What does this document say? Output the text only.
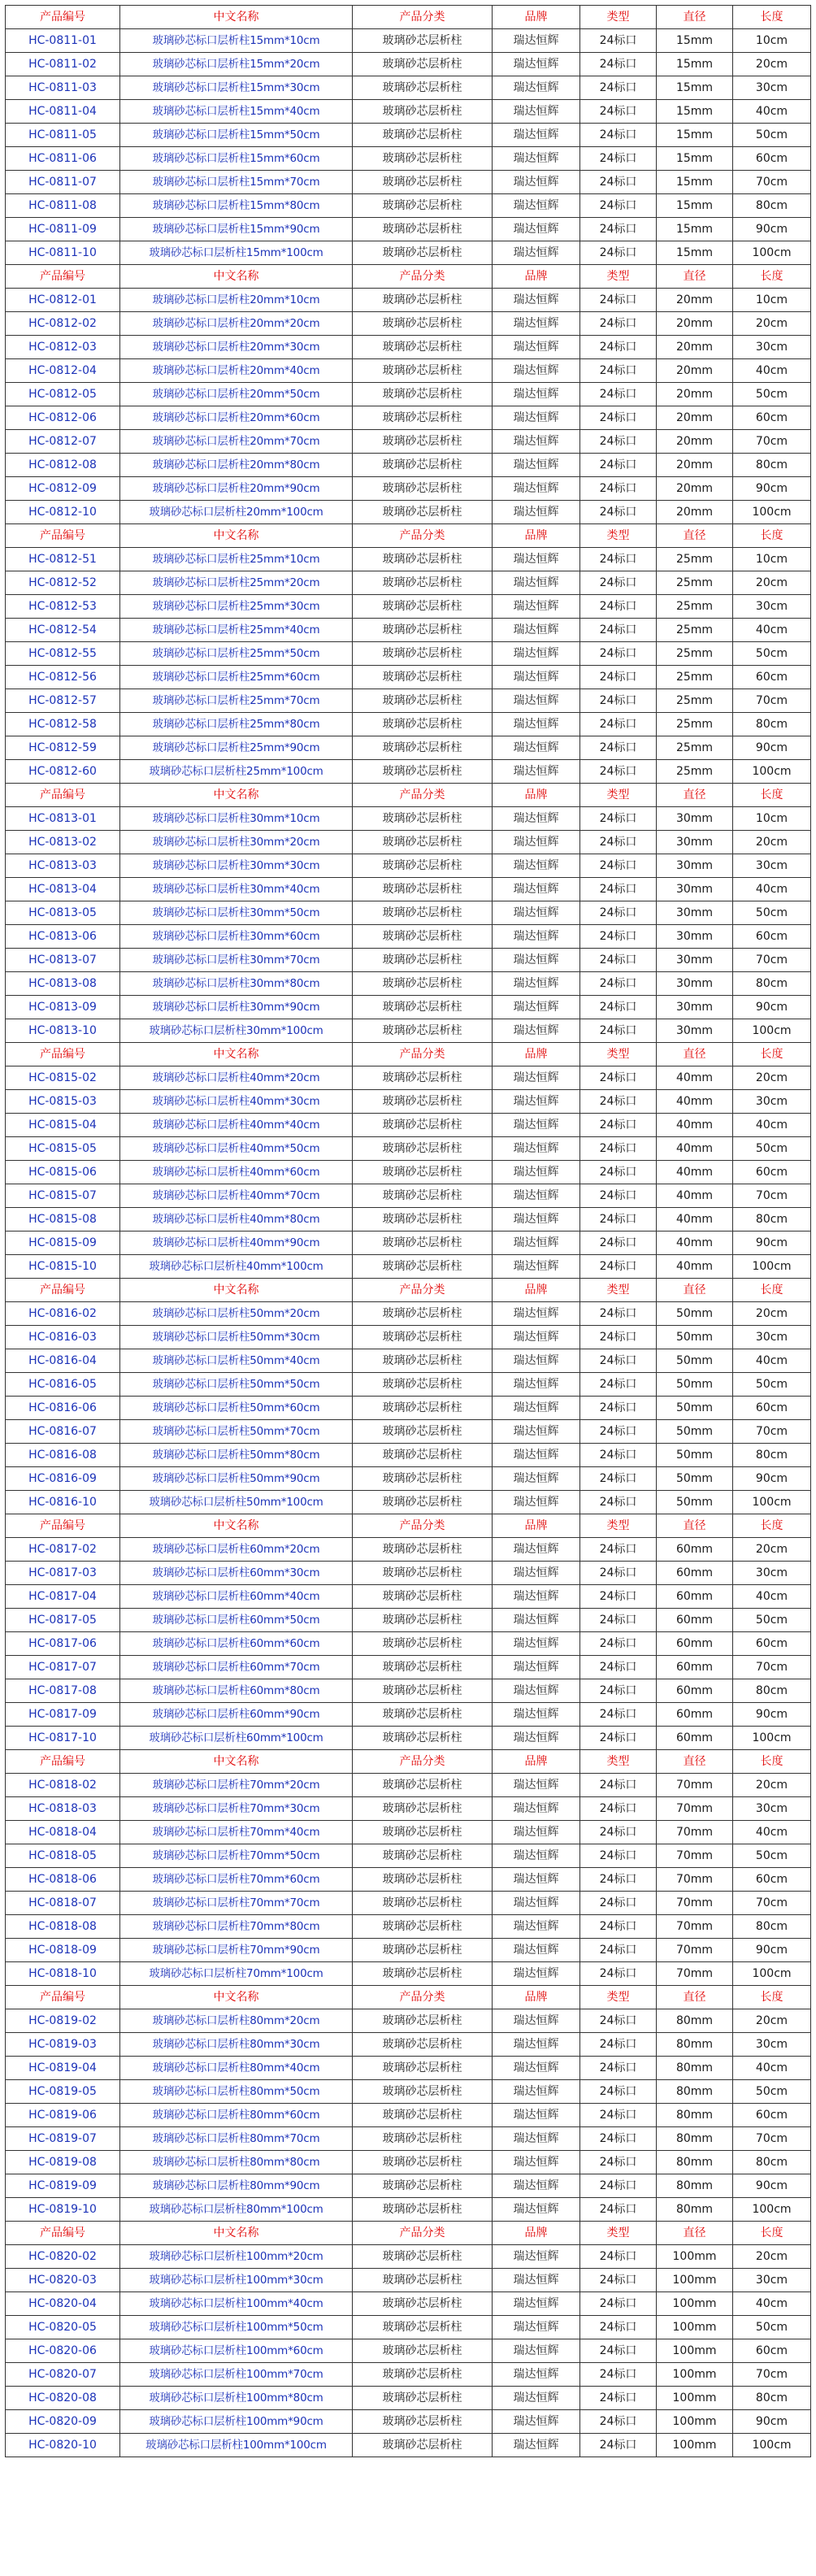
产品编号	中文名称	产品分类	品牌	类型	直径	长度
HC-0811-01	玻璃砂芯标口层析柱15mm*10cm	玻璃砂芯层析柱	瑞达恒辉	24标口	15mm	10cm
HC-0811-02	玻璃砂芯标口层析柱15mm*20cm	玻璃砂芯层析柱	瑞达恒辉	24标口	15mm	20cm
HC-0811-03	玻璃砂芯标口层析柱15mm*30cm	玻璃砂芯层析柱	瑞达恒辉	24标口	15mm	30cm
HC-0811-04	玻璃砂芯标口层析柱15mm*40cm	玻璃砂芯层析柱	瑞达恒辉	24标口	15mm	40cm
HC-0811-05	玻璃砂芯标口层析柱15mm*50cm	玻璃砂芯层析柱	瑞达恒辉	24标口	15mm	50cm
HC-0811-06	玻璃砂芯标口层析柱15mm*60cm	玻璃砂芯层析柱	瑞达恒辉	24标口	15mm	60cm
HC-0811-07	玻璃砂芯标口层析柱15mm*70cm	玻璃砂芯层析柱	瑞达恒辉	24标口	15mm	70cm
HC-0811-08	玻璃砂芯标口层析柱15mm*80cm	玻璃砂芯层析柱	瑞达恒辉	24标口	15mm	80cm
HC-0811-09	玻璃砂芯标口层析柱15mm*90cm	玻璃砂芯层析柱	瑞达恒辉	24标口	15mm	90cm
HC-0811-10	玻璃砂芯标口层析柱15mm*100cm	玻璃砂芯层析柱	瑞达恒辉	24标口	15mm	100cm
产品编号	中文名称	产品分类	品牌	类型	直径	长度
HC-0812-01	玻璃砂芯标口层析柱20mm*10cm	玻璃砂芯层析柱	瑞达恒辉	24标口	20mm	10cm
HC-0812-02	玻璃砂芯标口层析柱20mm*20cm	玻璃砂芯层析柱	瑞达恒辉	24标口	20mm	20cm
HC-0812-03	玻璃砂芯标口层析柱20mm*30cm	玻璃砂芯层析柱	瑞达恒辉	24标口	20mm	30cm
HC-0812-04	玻璃砂芯标口层析柱20mm*40cm	玻璃砂芯层析柱	瑞达恒辉	24标口	20mm	40cm
HC-0812-05	玻璃砂芯标口层析柱20mm*50cm	玻璃砂芯层析柱	瑞达恒辉	24标口	20mm	50cm
HC-0812-06	玻璃砂芯标口层析柱20mm*60cm	玻璃砂芯层析柱	瑞达恒辉	24标口	20mm	60cm
HC-0812-07	玻璃砂芯标口层析柱20mm*70cm	玻璃砂芯层析柱	瑞达恒辉	24标口	20mm	70cm
HC-0812-08	玻璃砂芯标口层析柱20mm*80cm	玻璃砂芯层析柱	瑞达恒辉	24标口	20mm	80cm
HC-0812-09	玻璃砂芯标口层析柱20mm*90cm	玻璃砂芯层析柱	瑞达恒辉	24标口	20mm	90cm
HC-0812-10	玻璃砂芯标口层析柱20mm*100cm	玻璃砂芯层析柱	瑞达恒辉	24标口	20mm	100cm
产品编号	中文名称	产品分类	品牌	类型	直径	长度
HC-0812-51	玻璃砂芯标口层析柱25mm*10cm	玻璃砂芯层析柱	瑞达恒辉	24标口	25mm	10cm
HC-0812-52	玻璃砂芯标口层析柱25mm*20cm	玻璃砂芯层析柱	瑞达恒辉	24标口	25mm	20cm
HC-0812-53	玻璃砂芯标口层析柱25mm*30cm	玻璃砂芯层析柱	瑞达恒辉	24标口	25mm	30cm
HC-0812-54	玻璃砂芯标口层析柱25mm*40cm	玻璃砂芯层析柱	瑞达恒辉	24标口	25mm	40cm
HC-0812-55	玻璃砂芯标口层析柱25mm*50cm	玻璃砂芯层析柱	瑞达恒辉	24标口	25mm	50cm
HC-0812-56	玻璃砂芯标口层析柱25mm*60cm	玻璃砂芯层析柱	瑞达恒辉	24标口	25mm	60cm
HC-0812-57	玻璃砂芯标口层析柱25mm*70cm	玻璃砂芯层析柱	瑞达恒辉	24标口	25mm	70cm
HC-0812-58	玻璃砂芯标口层析柱25mm*80cm	玻璃砂芯层析柱	瑞达恒辉	24标口	25mm	80cm
HC-0812-59	玻璃砂芯标口层析柱25mm*90cm	玻璃砂芯层析柱	瑞达恒辉	24标口	25mm	90cm
HC-0812-60	玻璃砂芯标口层析柱25mm*100cm	玻璃砂芯层析柱	瑞达恒辉	24标口	25mm	100cm
产品编号	中文名称	产品分类	品牌	类型	直径	长度
HC-0813-01	玻璃砂芯标口层析柱30mm*10cm	玻璃砂芯层析柱	瑞达恒辉	24标口	30mm	10cm
HC-0813-02	玻璃砂芯标口层析柱30mm*20cm	玻璃砂芯层析柱	瑞达恒辉	24标口	30mm	20cm
HC-0813-03	玻璃砂芯标口层析柱30mm*30cm	玻璃砂芯层析柱	瑞达恒辉	24标口	30mm	30cm
HC-0813-04	玻璃砂芯标口层析柱30mm*40cm	玻璃砂芯层析柱	瑞达恒辉	24标口	30mm	40cm
HC-0813-05	玻璃砂芯标口层析柱30mm*50cm	玻璃砂芯层析柱	瑞达恒辉	24标口	30mm	50cm
HC-0813-06	玻璃砂芯标口层析柱30mm*60cm	玻璃砂芯层析柱	瑞达恒辉	24标口	30mm	60cm
HC-0813-07	玻璃砂芯标口层析柱30mm*70cm	玻璃砂芯层析柱	瑞达恒辉	24标口	30mm	70cm
HC-0813-08	玻璃砂芯标口层析柱30mm*80cm	玻璃砂芯层析柱	瑞达恒辉	24标口	30mm	80cm
HC-0813-09	玻璃砂芯标口层析柱30mm*90cm	玻璃砂芯层析柱	瑞达恒辉	24标口	30mm	90cm
HC-0813-10	玻璃砂芯标口层析柱30mm*100cm	玻璃砂芯层析柱	瑞达恒辉	24标口	30mm	100cm
产品编号	中文名称	产品分类	品牌	类型	直径	长度
HC-0815-02	玻璃砂芯标口层析柱40mm*20cm	玻璃砂芯层析柱	瑞达恒辉	24标口	40mm	20cm
HC-0815-03	玻璃砂芯标口层析柱40mm*30cm	玻璃砂芯层析柱	瑞达恒辉	24标口	40mm	30cm
HC-0815-04	玻璃砂芯标口层析柱40mm*40cm	玻璃砂芯层析柱	瑞达恒辉	24标口	40mm	40cm
HC-0815-05	玻璃砂芯标口层析柱40mm*50cm	玻璃砂芯层析柱	瑞达恒辉	24标口	40mm	50cm
HC-0815-06	玻璃砂芯标口层析柱40mm*60cm	玻璃砂芯层析柱	瑞达恒辉	24标口	40mm	60cm
HC-0815-07	玻璃砂芯标口层析柱40mm*70cm	玻璃砂芯层析柱	瑞达恒辉	24标口	40mm	70cm
HC-0815-08	玻璃砂芯标口层析柱40mm*80cm	玻璃砂芯层析柱	瑞达恒辉	24标口	40mm	80cm
HC-0815-09	玻璃砂芯标口层析柱40mm*90cm	玻璃砂芯层析柱	瑞达恒辉	24标口	40mm	90cm
HC-0815-10	玻璃砂芯标口层析柱40mm*100cm	玻璃砂芯层析柱	瑞达恒辉	24标口	40mm	100cm
产品编号	中文名称	产品分类	品牌	类型	直径	长度
HC-0816-02	玻璃砂芯标口层析柱50mm*20cm	玻璃砂芯层析柱	瑞达恒辉	24标口	50mm	20cm
HC-0816-03	玻璃砂芯标口层析柱50mm*30cm	玻璃砂芯层析柱	瑞达恒辉	24标口	50mm	30cm
HC-0816-04	玻璃砂芯标口层析柱50mm*40cm	玻璃砂芯层析柱	瑞达恒辉	24标口	50mm	40cm
HC-0816-05	玻璃砂芯标口层析柱50mm*50cm	玻璃砂芯层析柱	瑞达恒辉	24标口	50mm	50cm
HC-0816-06	玻璃砂芯标口层析柱50mm*60cm	玻璃砂芯层析柱	瑞达恒辉	24标口	50mm	60cm
HC-0816-07	玻璃砂芯标口层析柱50mm*70cm	玻璃砂芯层析柱	瑞达恒辉	24标口	50mm	70cm
HC-0816-08	玻璃砂芯标口层析柱50mm*80cm	玻璃砂芯层析柱	瑞达恒辉	24标口	50mm	80cm
HC-0816-09	玻璃砂芯标口层析柱50mm*90cm	玻璃砂芯层析柱	瑞达恒辉	24标口	50mm	90cm
HC-0816-10	玻璃砂芯标口层析柱50mm*100cm	玻璃砂芯层析柱	瑞达恒辉	24标口	50mm	100cm
产品编号	中文名称	产品分类	品牌	类型	直径	长度
HC-0817-02	玻璃砂芯标口层析柱60mm*20cm	玻璃砂芯层析柱	瑞达恒辉	24标口	60mm	20cm
HC-0817-03	玻璃砂芯标口层析柱60mm*30cm	玻璃砂芯层析柱	瑞达恒辉	24标口	60mm	30cm
HC-0817-04	玻璃砂芯标口层析柱60mm*40cm	玻璃砂芯层析柱	瑞达恒辉	24标口	60mm	40cm
HC-0817-05	玻璃砂芯标口层析柱60mm*50cm	玻璃砂芯层析柱	瑞达恒辉	24标口	60mm	50cm
HC-0817-06	玻璃砂芯标口层析柱60mm*60cm	玻璃砂芯层析柱	瑞达恒辉	24标口	60mm	60cm
HC-0817-07	玻璃砂芯标口层析柱60mm*70cm	玻璃砂芯层析柱	瑞达恒辉	24标口	60mm	70cm
HC-0817-08	玻璃砂芯标口层析柱60mm*80cm	玻璃砂芯层析柱	瑞达恒辉	24标口	60mm	80cm
HC-0817-09	玻璃砂芯标口层析柱60mm*90cm	玻璃砂芯层析柱	瑞达恒辉	24标口	60mm	90cm
HC-0817-10	玻璃砂芯标口层析柱60mm*100cm	玻璃砂芯层析柱	瑞达恒辉	24标口	60mm	100cm
产品编号	中文名称	产品分类	品牌	类型	直径	长度
HC-0818-02	玻璃砂芯标口层析柱70mm*20cm	玻璃砂芯层析柱	瑞达恒辉	24标口	70mm	20cm
HC-0818-03	玻璃砂芯标口层析柱70mm*30cm	玻璃砂芯层析柱	瑞达恒辉	24标口	70mm	30cm
HC-0818-04	玻璃砂芯标口层析柱70mm*40cm	玻璃砂芯层析柱	瑞达恒辉	24标口	70mm	40cm
HC-0818-05	玻璃砂芯标口层析柱70mm*50cm	玻璃砂芯层析柱	瑞达恒辉	24标口	70mm	50cm
HC-0818-06	玻璃砂芯标口层析柱70mm*60cm	玻璃砂芯层析柱	瑞达恒辉	24标口	70mm	60cm
HC-0818-07	玻璃砂芯标口层析柱70mm*70cm	玻璃砂芯层析柱	瑞达恒辉	24标口	70mm	70cm
HC-0818-08	玻璃砂芯标口层析柱70mm*80cm	玻璃砂芯层析柱	瑞达恒辉	24标口	70mm	80cm
HC-0818-09	玻璃砂芯标口层析柱70mm*90cm	玻璃砂芯层析柱	瑞达恒辉	24标口	70mm	90cm
HC-0818-10	玻璃砂芯标口层析柱70mm*100cm	玻璃砂芯层析柱	瑞达恒辉	24标口	70mm	100cm
产品编号	中文名称	产品分类	品牌	类型	直径	长度
HC-0819-02	玻璃砂芯标口层析柱80mm*20cm	玻璃砂芯层析柱	瑞达恒辉	24标口	80mm	20cm
HC-0819-03	玻璃砂芯标口层析柱80mm*30cm	玻璃砂芯层析柱	瑞达恒辉	24标口	80mm	30cm
HC-0819-04	玻璃砂芯标口层析柱80mm*40cm	玻璃砂芯层析柱	瑞达恒辉	24标口	80mm	40cm
HC-0819-05	玻璃砂芯标口层析柱80mm*50cm	玻璃砂芯层析柱	瑞达恒辉	24标口	80mm	50cm
HC-0819-06	玻璃砂芯标口层析柱80mm*60cm	玻璃砂芯层析柱	瑞达恒辉	24标口	80mm	60cm
HC-0819-07	玻璃砂芯标口层析柱80mm*70cm	玻璃砂芯层析柱	瑞达恒辉	24标口	80mm	70cm
HC-0819-08	玻璃砂芯标口层析柱80mm*80cm	玻璃砂芯层析柱	瑞达恒辉	24标口	80mm	80cm
HC-0819-09	玻璃砂芯标口层析柱80mm*90cm	玻璃砂芯层析柱	瑞达恒辉	24标口	80mm	90cm
HC-0819-10	玻璃砂芯标口层析柱80mm*100cm	玻璃砂芯层析柱	瑞达恒辉	24标口	80mm	100cm
产品编号	中文名称	产品分类	品牌	类型	直径	长度
HC-0820-02	玻璃砂芯标口层析柱100mm*20cm	玻璃砂芯层析柱	瑞达恒辉	24标口	100mm	20cm
HC-0820-03	玻璃砂芯标口层析柱100mm*30cm	玻璃砂芯层析柱	瑞达恒辉	24标口	100mm	30cm
HC-0820-04	玻璃砂芯标口层析柱100mm*40cm	玻璃砂芯层析柱	瑞达恒辉	24标口	100mm	40cm
HC-0820-05	玻璃砂芯标口层析柱100mm*50cm	玻璃砂芯层析柱	瑞达恒辉	24标口	100mm	50cm
HC-0820-06	玻璃砂芯标口层析柱100mm*60cm	玻璃砂芯层析柱	瑞达恒辉	24标口	100mm	60cm
HC-0820-07	玻璃砂芯标口层析柱100mm*70cm	玻璃砂芯层析柱	瑞达恒辉	24标口	100mm	70cm
HC-0820-08	玻璃砂芯标口层析柱100mm*80cm	玻璃砂芯层析柱	瑞达恒辉	24标口	100mm	80cm
HC-0820-09	玻璃砂芯标口层析柱100mm*90cm	玻璃砂芯层析柱	瑞达恒辉	24标口	100mm	90cm
HC-0820-10	玻璃砂芯标口层析柱100mm*100cm	玻璃砂芯层析柱	瑞达恒辉	24标口	100mm	100cm
